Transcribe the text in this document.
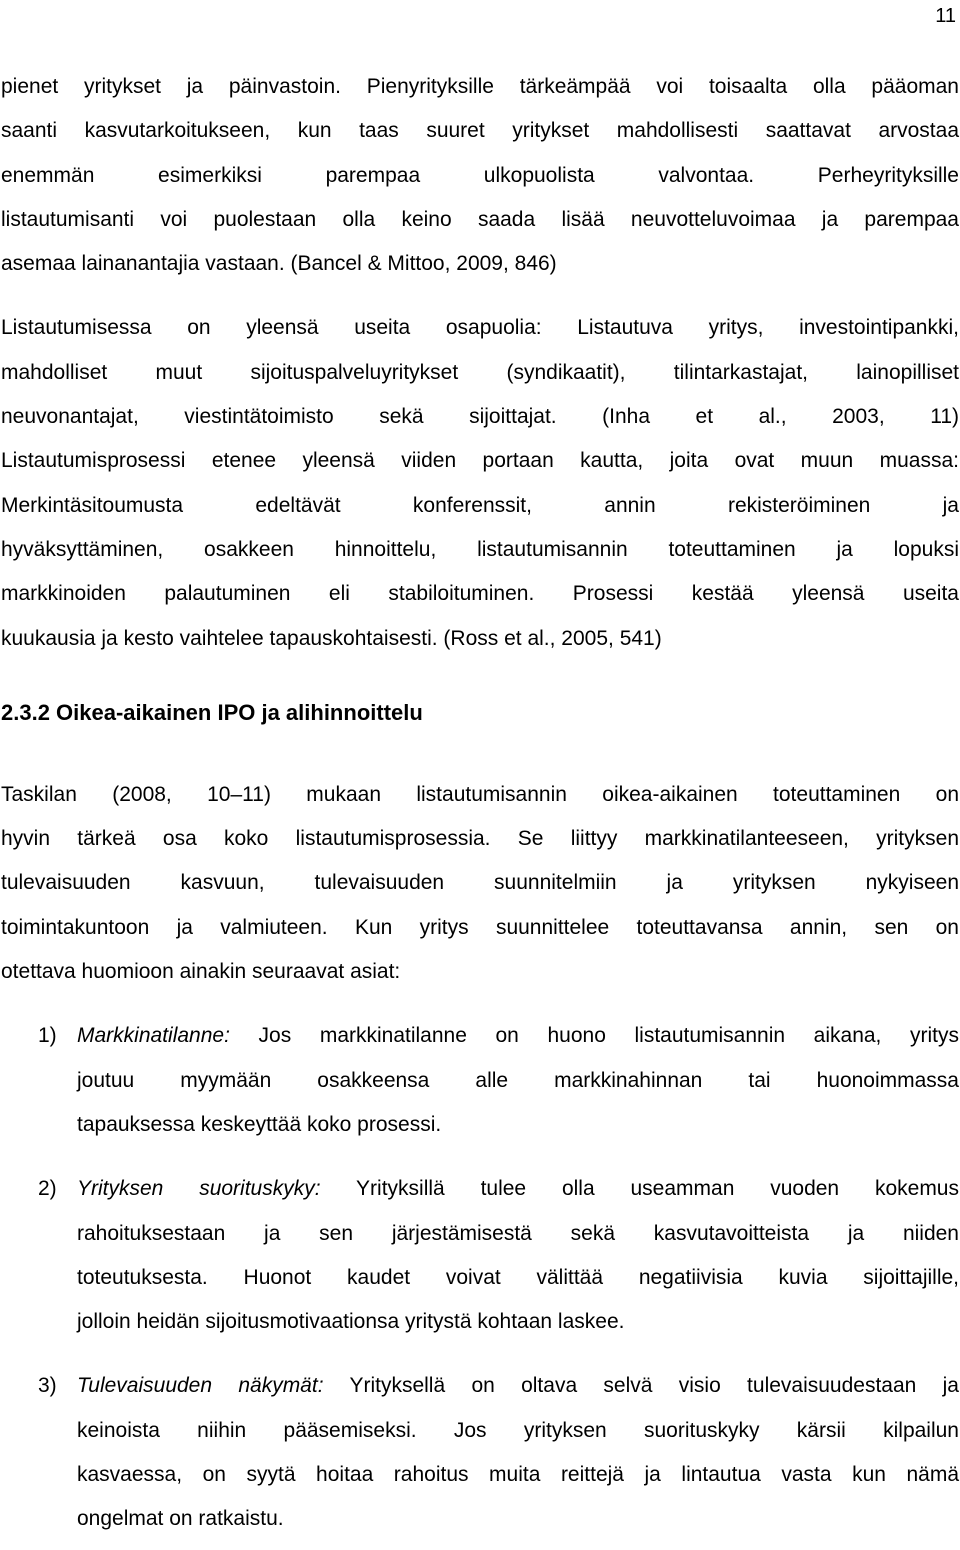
11

pienet yritykset ja päinvastoin. Pienyrityksille tärkeämpää voi toisaalta olla pääoman
saanti kasvutarkoitukseen, kun taas suuret yritykset mahdollisesti saattavat arvostaa
enemmän esimerkiksi parempaa ulkopuolista valvontaa. Perheyrityksille
listautumisanti voi puolestaan olla keino saada lisää neuvotteluvoimaa ja parempaa
asemaa lainanantajia vastaan. (Bancel & Mittoo, 2009, 846)

Listautumisessa on yleensä useita osapuolia: Listautuva yritys, investointipankki,
mahdolliset muut sijoituspalveluyritykset (syndikaatit), tilintarkastajat, lainopilliset
neuvonantajat, viestintätoimisto sekä sijoittajat. (Inha et al., 2003, 11)
Listautumisprosessi etenee yleensä viiden portaan kautta, joita ovat muun muassa:
Merkintäsitoumusta edeltävät konferenssit, annin rekisteröiminen ja
hyväksyttäminen, osakkeen hinnoittelu, listautumisannin toteuttaminen ja lopuksi
markkinoiden palautuminen eli stabiloituminen. Prosessi kestää yleensä useita
kuukausia ja kesto vaihtelee tapauskohtaisesti. (Ross et al., 2005, 541)

2.3.2 Oikea-aikainen IPO ja alihinnoittelu

Taskilan (2008, 10–11) mukaan listautumisannin oikea-aikainen toteuttaminen on
hyvin tärkeä osa koko listautumisprosessia. Se liittyy markkinatilanteeseen, yrityksen
tulevaisuuden kasvuun, tulevaisuuden suunnitelmiin ja yrityksen nykyiseen
toimintakuntoon ja valmiuteen. Kun yritys suunnittelee toteuttavansa annin, sen on
otettava huomioon ainakin seuraavat asiat:

1) Markkinatilanne: Jos markkinatilanne on huono listautumisannin aikana, yritys
joutuu myymään osakkeensa alle markkinahinnan tai huonoimmassa
tapauksessa keskeyttää koko prosessi.
2) Yrityksen suorituskyky: Yrityksillä tulee olla useamman vuoden kokemus
rahoituksestaan ja sen järjestämisestä sekä kasvutavoitteista ja niiden
toteutuksesta. Huonot kaudet voivat välittää negatiivisia kuvia sijoittajille,
jolloin heidän sijoitusmotivaationsa yritystä kohtaan laskee.
3) Tulevaisuuden näkymät: Yrityksellä on oltava selvä visio tulevaisuudestaan ja
keinoista niihin pääsemiseksi. Jos yrityksen suorituskyky kärsii kilpailun
kasvaessa, on syytä hoitaa rahoitus muita reittejä ja lintautua vasta kun nämä
ongelmat on ratkaistu.
